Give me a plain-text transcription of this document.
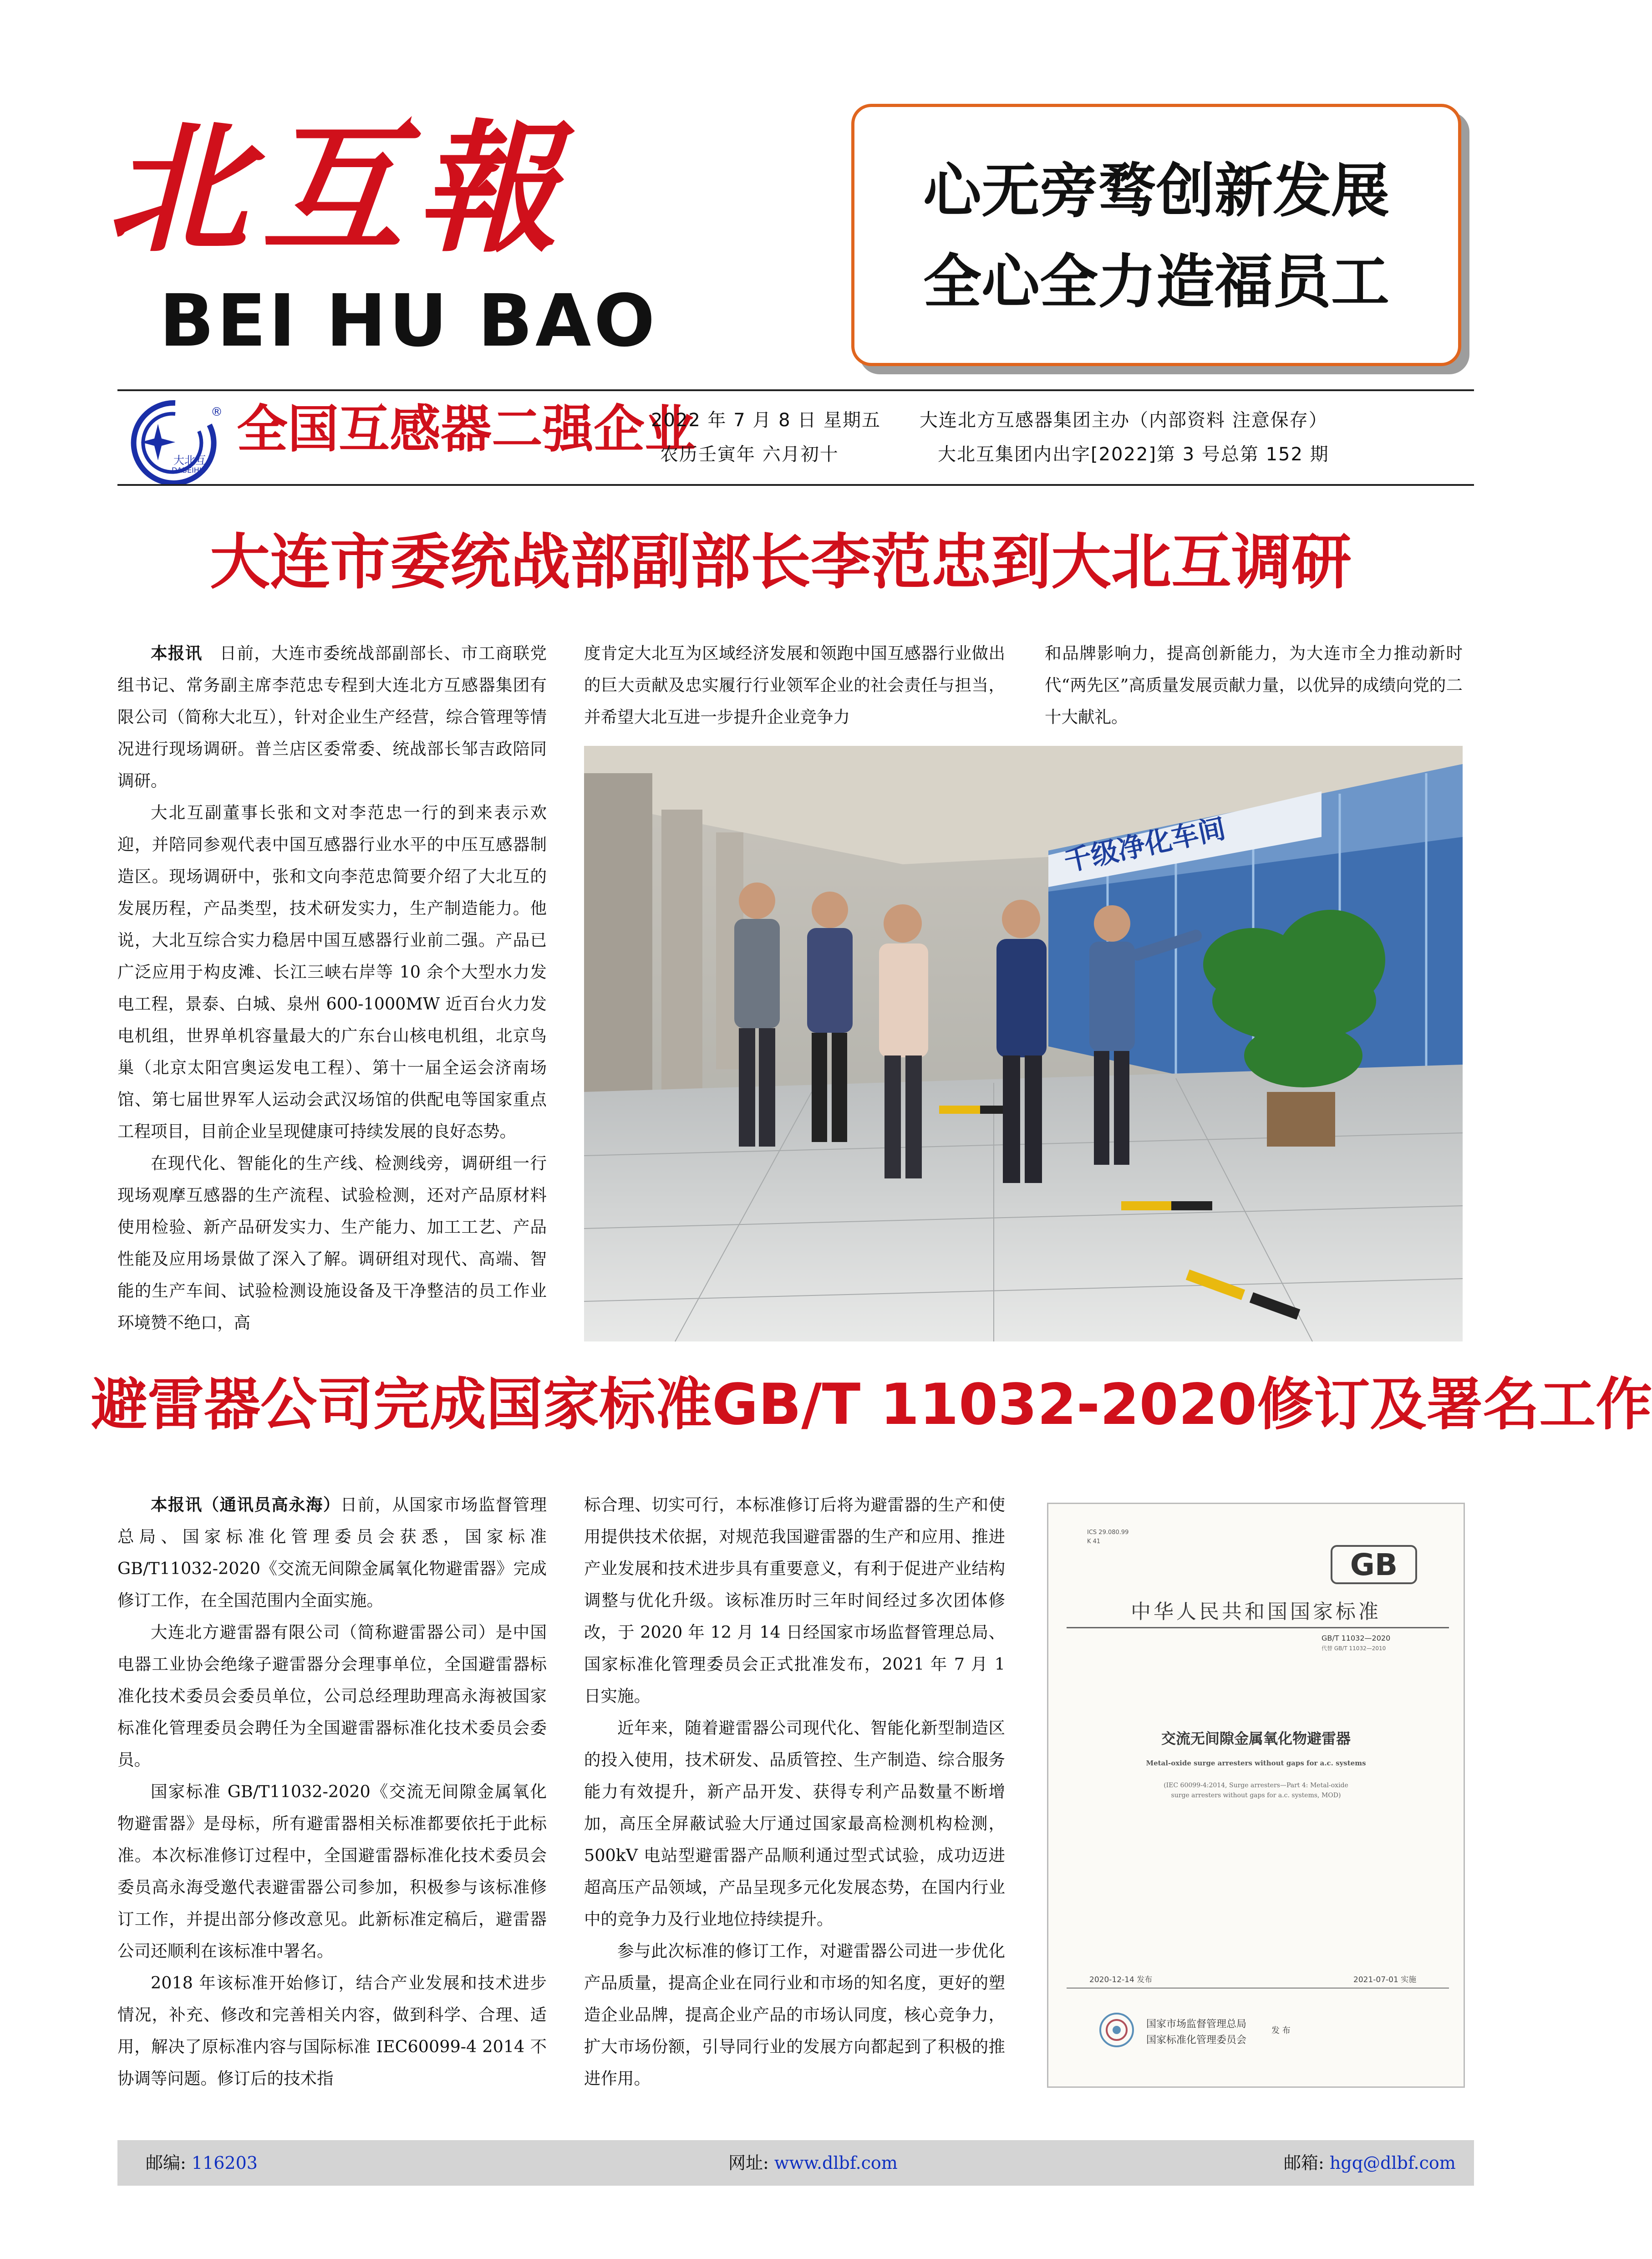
北互報
BEI HU BAO
心无旁骛创新发展
全心全力造福员工
®
大北互
DABEIHU
全国互感器二强企业
2022 年 7 月 8 日 星期五
农历壬寅年 六月初十
大连北方互感器集团主办（内部资料 注意保存）
大北互集团内出字[2022]第 3 号总第 152 期
大连市委统战部副部长李范忠到大北互调研

本报讯　 日前，大连市委统战部副部长、市工商联党组书记、常务副主席李范忠专程到大连北方互感器集团有限公司（简称大北互），针对企业生产经营，综合管理等情况进行现场调研。普兰店区委常委、统战部长邹吉政陪同调研。

大北互副董事长张和文对李范忠一行的到来表示欢迎，并陪同参观代表中国互感器行业水平的中压互感器制造区。现场调研中，张和文向李范忠简要介绍了大北互的发展历程，产品类型，技术研发实力，生产制造能力。他说，大北互综合实力稳居中国互感器行业前二强。产品已广泛应用于构皮滩、长江三峡右岸等 10 余个大型水力发电工程，景泰、白城、泉州 600-1000MW 近百台火力发电机组，世界单机容量最大的广东台山核电机组，北京鸟巢（北京太阳宫奥运发电工程）、第十一届全运会济南场馆、第七届世界军人运动会武汉场馆的供配电等国家重点工程项目，目前企业呈现健康可持续发展的良好态势。

在现代化、智能化的生产线、检测线旁，调研组一行现场观摩互感器的生产流程、试验检测，还对产品原材料使用检验、新产品研发实力、生产能力、加工工艺、产品性能及应用场景做了深入了解。调研组对现代、高端、智能的生产车间、试验检测设施设备及干净整洁的员工作业环境赞不绝口，高

度肯定大北互为区域经济发展和领跑中国互感器行业做出的巨大贡献及忠实履行行业领军企业的社会责任与担当，并希望大北互进一步提升企业竞争力

和品牌影响力，提高创新能力，为大连市全力推动新时代“两先区”高质量发展贡献力量，以优异的成绩向党的二十大献礼。

千级净化车间
避雷器公司完成国家标准GB/T 11032-2020修订及署名工作

本报讯（通讯员高永海）日前，从国家市场监督管理总局、国家标准化管理委员会获悉，国家标准 GB/T11032-2020《交流无间隙金属氧化物避雷器》完成修订工作，在全国范围内全面实施。

大连北方避雷器有限公司（简称避雷器公司）是中国电器工业协会绝缘子避雷器分会理事单位，全国避雷器标准化技术委员会委员单位，公司总经理助理高永海被国家标准化管理委员会聘任为全国避雷器标准化技术委员会委员。

国家标准 GB/T11032-2020《交流无间隙金属氧化物避雷器》是母标，所有避雷器相关标准都要依托于此标准。本次标准修订过程中，全国避雷器标准化技术委员会委员高永海受邀代表避雷器公司参加，积极参与该标准修订工作，并提出部分修改意见。此新标准定稿后，避雷器公司还顺利在该标准中署名。

2018 年该标准开始修订，结合产业发展和技术进步情况，补充、修改和完善相关内容，做到科学、合理、适用，解决了原标准内容与国际标准 IEC60099-4 2014 不协调等问题。修订后的技术指

标合理、切实可行，本标准修订后将为避雷器的生产和使用提供技术依据，对规范我国避雷器的生产和应用、推进产业发展和技术进步具有重要意义，有利于促进产业结构调整与优化升级。该标准历时三年时间经过多次团体修改，于 2020 年 12 月 14 日经国家市场监督管理总局、国家标准化管理委员会正式批准发布，2021 年 7 月 1 日实施。

近年来，随着避雷器公司现代化、智能化新型制造区的投入使用，技术研发、品质管控、生产制造、综合服务能力有效提升，新产品开发、获得专利产品数量不断增加，高压全屏蔽试验大厅通过国家最高检测机构检测，500kV 电站型避雷器产品顺利通过型式试验，成功迈进超高压产品领域，产品呈现多元化发展态势，在国内行业中的竞争力及行业地位持续提升。

参与此次标准的修订工作，对避雷器公司进一步优化产品质量，提高企业在同行业和市场的知名度，更好的塑造企业品牌，提高企业产品的市场认同度，核心竞争力，扩大市场份额，引导同行业的发展方向都起到了积极的推进作用。

ICS 29.080.99
K 41
GB
中华人民共和国国家标准
GB/T 11032—2020
代替 GB/T 11032—2010
交流无间隙金属氧化物避雷器
Metal-oxide surge arresters without gaps for a.c. systems
(IEC 60099-4:2014, Surge arresters—Part 4: Metal-oxide
surge arresters without gaps for a.c. systems, MOD)
2020-12-14 发布	2021-07-01 实施
国家市场监督管理总局
国家标准化管理委员会
发 布
邮编: 116203	网址: www.dlbf.com	邮箱: hgq@dlbf.com
